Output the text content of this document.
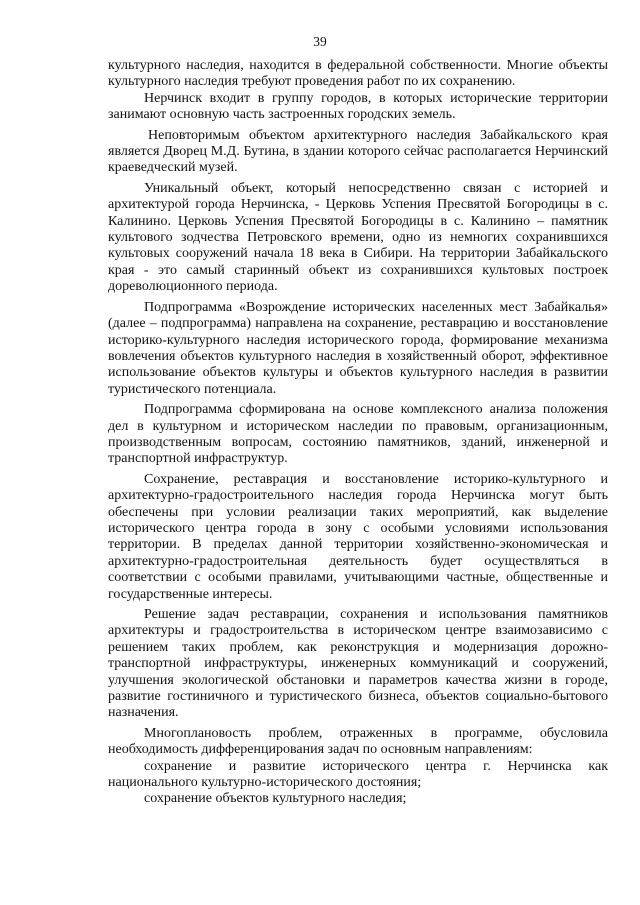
39

культурного наследия, находится в федеральной собственности. Многие объекты культурного наследия требуют проведения работ по их сохранению.

Нерчинск входит в группу городов, в которых исторические территории занимают основную часть застроенных городских земель.

Неповторимым объектом архитектурного наследия Забайкальского края является Дворец М.Д. Бутина, в здании которого сейчас располагается Нерчинский краеведческий музей.

Уникальный объект, который непосредственно связан с историей и архитектурой города Нерчинска, - Церковь Успения Пресвятой Богородицы в с. Калинино. Церковь Успения Пресвятой Богородицы в с. Калинино – памятник культового зодчества Петровского времени, одно из немногих сохранившихся культовых сооружений начала 18 века в Сибири. На территории Забайкальского края - это самый старинный объект из сохранившихся культовых построек дореволюционного периода.

Подпрограмма «Возрождение исторических населенных мест Забайкалья» (далее – подпрограмма) направлена на сохранение, реставрацию и восстановление историко-культурного наследия исторического города, формирование механизма вовлечения объектов культурного наследия в хозяйственный оборот, эффективное использование объектов культуры и объектов культурного наследия в развитии туристического потенциала.

Подпрограмма сформирована на основе комплексного анализа положения дел в культурном и историческом наследии по правовым, организационным, производственным вопросам, состоянию памятников, зданий, инженерной и транспортной инфраструктур.

Сохранение, реставрация и восстановление историко-культурного и архитектурно-градостроительного наследия города Нерчинска могут быть обеспечены при условии реализации таких мероприятий, как выделение исторического центра города в зону с особыми условиями использования территории. В пределах данной территории хозяйственно-экономическая и архитектурно-градостроительная деятельность будет осуществляться в соответствии с особыми правилами, учитывающими частные, общественные и государственные интересы.

Решение задач реставрации, сохранения и использования памятников архитектуры и градостроительства в историческом центре взаимозависимо с решением таких проблем, как реконструкция и модернизация дорожно-транспортной инфраструктуры, инженерных коммуникаций и сооружений, улучшения экологической обстановки и параметров качества жизни в городе, развитие гостиничного и туристического бизнеса, объектов социально-бытового назначения.

Многоплановость проблем, отраженных в программе, обусловила необходимость дифференцирования задач по основным направлениям:

сохранение и развитие исторического центра г. Нерчинска как национального культурно-исторического достояния;

сохранение объектов культурного наследия;
